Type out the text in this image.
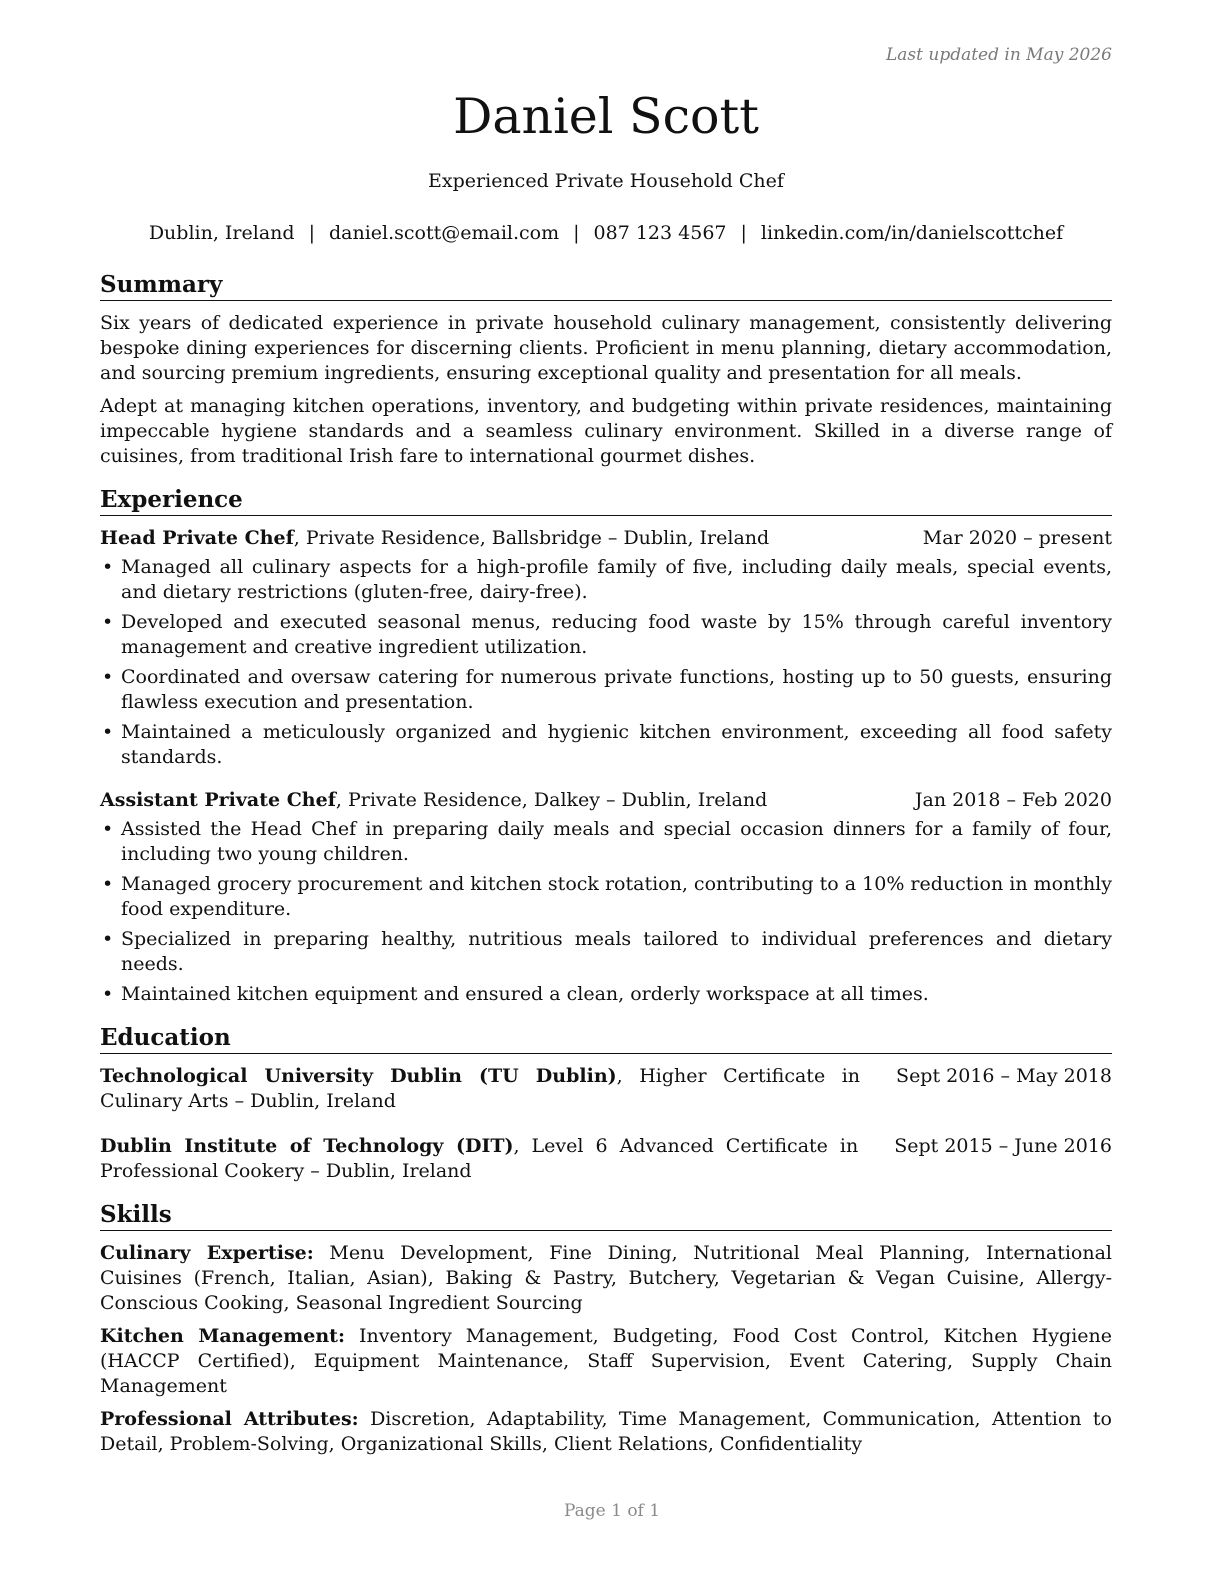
Last updated in May 2026
Daniel Scott
Experienced Private Household Chef
Dublin, Ireland | daniel.scott@email.com | 087 123 4567 | linkedin.com/in/danielscottchef
Summary

Six years of dedicated experience in private household culinary management, consistently delivering bespoke dining experiences for discerning clients. Proficient in menu planning, dietary accommodation, and sourcing premium ingredients, ensuring exceptional quality and presentation for all meals.

Adept at managing kitchen operations, inventory, and budgeting within private residences, maintaining impeccable hygiene standards and a seamless culinary environment. Skilled in a diverse range of cuisines, from traditional Irish fare to international gourmet dishes.

Experience
Head Private Chef, Private Residence, Ballsbridge – Dublin, Ireland	Mar 2020 – present
• Managed all culinary aspects for a high-profile family of five, including daily meals, special events, and dietary restrictions (gluten-free, dairy-free).
• Developed and executed seasonal menus, reducing food waste by 15% through careful inventory management and creative ingredient utilization.
• Coordinated and oversaw catering for numerous private functions, hosting up to 50 guests, ensuring flawless execution and presentation.
• Maintained a meticulously organized and hygienic kitchen environment, exceeding all food safety standards.
Assistant Private Chef, Private Residence, Dalkey – Dublin, Ireland	Jan 2018 – Feb 2020
• Assisted the Head Chef in preparing daily meals and special occasion dinners for a family of four, including two young children.
• Managed grocery procurement and kitchen stock rotation, contributing to a 10% reduction in monthly food expenditure.
• Specialized in preparing healthy, nutritious meals tailored to individual preferences and dietary needs.
• Maintained kitchen equipment and ensured a clean, orderly workspace at all times.
Education
Technological University Dublin (TU Dublin), Higher Certificate in Culinary Arts – Dublin, Ireland
Sept 2016 – May 2018
Dublin Institute of Technology (DIT), Level 6 Advanced Certificate in Professional Cookery – Dublin, Ireland
Sept 2015 – June 2016
Skills

Culinary Expertise: Menu Development, Fine Dining, Nutritional Meal Planning, International Cuisines (French, Italian, Asian), Baking & Pastry, Butchery, Vegetarian & Vegan Cuisine, Allergy-Conscious Cooking, Seasonal Ingredient Sourcing

Kitchen Management: Inventory Management, Budgeting, Food Cost Control, Kitchen Hygiene (HACCP Certified), Equipment Maintenance, Staff Supervision, Event Catering, Supply Chain Management

Professional Attributes: Discretion, Adaptability, Time Management, Communication, Attention to Detail, Problem-Solving, Organizational Skills, Client Relations, Confidentiality

Page 1 of 1
